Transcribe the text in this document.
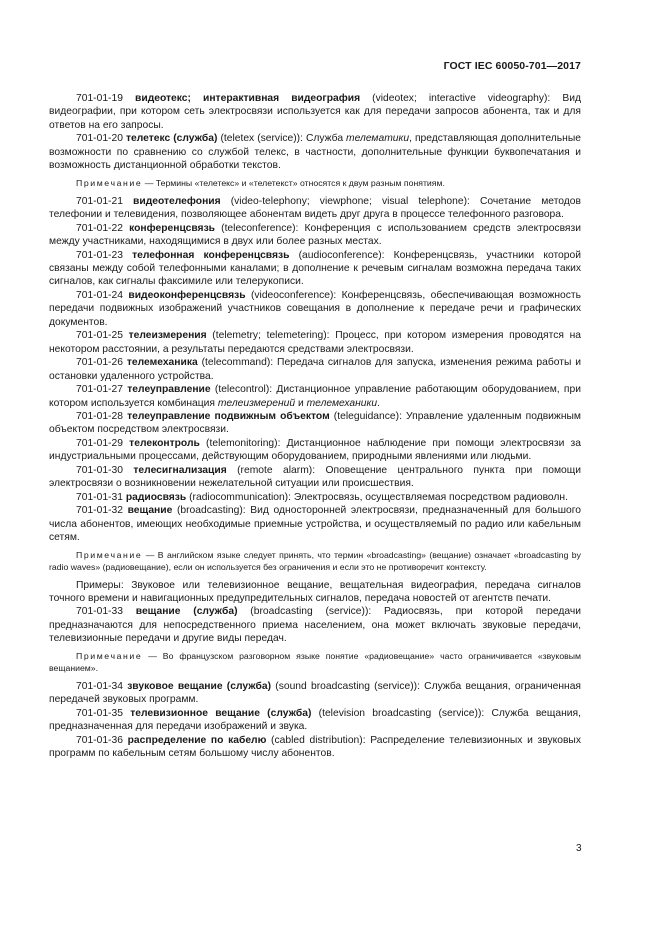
ГОСТ IEC 60050-701—2017

701-01-19 видеотекс; интерактивная видеография (videotex; interactive videography): Вид видеографии, при котором сеть электросвязи используется как для передачи запросов абонента, так и для ответов на его запросы.

701-01-20 телетекс (служба) (teletex (service)): Служба телематики, представляющая дополнительные возможности по сравнению со службой телекс, в частности, дополнительные функции буквопечатания и возможность дистанционной обработки текстов.

Примечание — Термины «телетекс» и «телетекст» относятся к двум разным понятиям.

701-01-21 видеотелефония (video-telephony; viewphone; visual telephone): Сочетание методов телефонии и телевидения, позволяющее абонентам видеть друг друга в процессе телефонного разговора.

701-01-22 конференцсвязь (teleconference): Конференция с использованием средств электросвязи между участниками, находящимися в двух или более разных местах.

701-01-23 телефонная конференцсвязь (audioconference): Конференцсвязь, участники которой связаны между собой телефонными каналами; в дополнение к речевым сигналам возможна передача таких сигналов, как сигналы факсимиле или телерукописи.

701-01-24 видеоконференцсвязь (videoconference): Конференцсвязь, обеспечивающая возможность передачи подвижных изображений участников совещания в дополнение к передаче речи и графических документов.

701-01-25 телеизмерения (telemetry; telemetering): Процесс, при котором измерения проводятся на некотором расстоянии, а результаты передаются средствами электросвязи.

701-01-26 телемеханика (telecommand): Передача сигналов для запуска, изменения режима работы и остановки удаленного устройства.

701-01-27 телеуправление (telecontrol): Дистанционное управление работающим оборудованием, при котором используется комбинация телеизмерений и телемеханики.

701-01-28 телеуправление подвижным объектом (teleguidance): Управление удаленным подвижным объектом посредством электросвязи.

701-01-29 телеконтроль (telemonitoring): Дистанционное наблюдение при помощи электросвязи за индустриальными процессами, действующим оборудованием, природными явлениями или людьми.

701-01-30 телесигнализация (remote alarm): Оповещение центрального пункта при помощи электросвязи о возникновении нежелательной ситуации или происшествия.

701-01-31 радиосвязь (radiocommunication): Электросвязь, осуществляемая посредством радиоволн.

701-01-32 вещание (broadcasting): Вид односторонней электросвязи, предназначенный для большого числа абонентов, имеющих необходимые приемные устройства, и осуществляемый по радио или кабельным сетям.

Примечание — В английском языке следует принять, что термин «broadcasting» (вещание) означает «broadcasting by radio waves» (радиовещание), если он используется без ограничения и если это не противоречит контексту.

Примеры: Звуковое или телевизионное вещание, вещательная видеография, передача сигналов точного времени и навигационных предупредительных сигналов, передача новостей от агентств печати.

701-01-33 вещание (служба) (broadcasting (service)): Радиосвязь, при которой передачи предназначаются для непосредственного приема населением, она может включать звуковые передачи, телевизионные передачи и другие виды передач.

Примечание — Во французском разговорном языке понятие «радиовещание» часто ограничивается «звуковым вещанием».

701-01-34 звуковое вещание (служба) (sound broadcasting (service)): Служба вещания, ограниченная передачей звуковых программ.

701-01-35 телевизионное вещание (служба) (television broadcasting (service)): Служба вещания, предназначенная для передачи изображений и звука.

701-01-36 распределение по кабелю (cabled distribution): Распределение телевизионных и звуковых программ по кабельным сетям большому числу абонентов.

3
